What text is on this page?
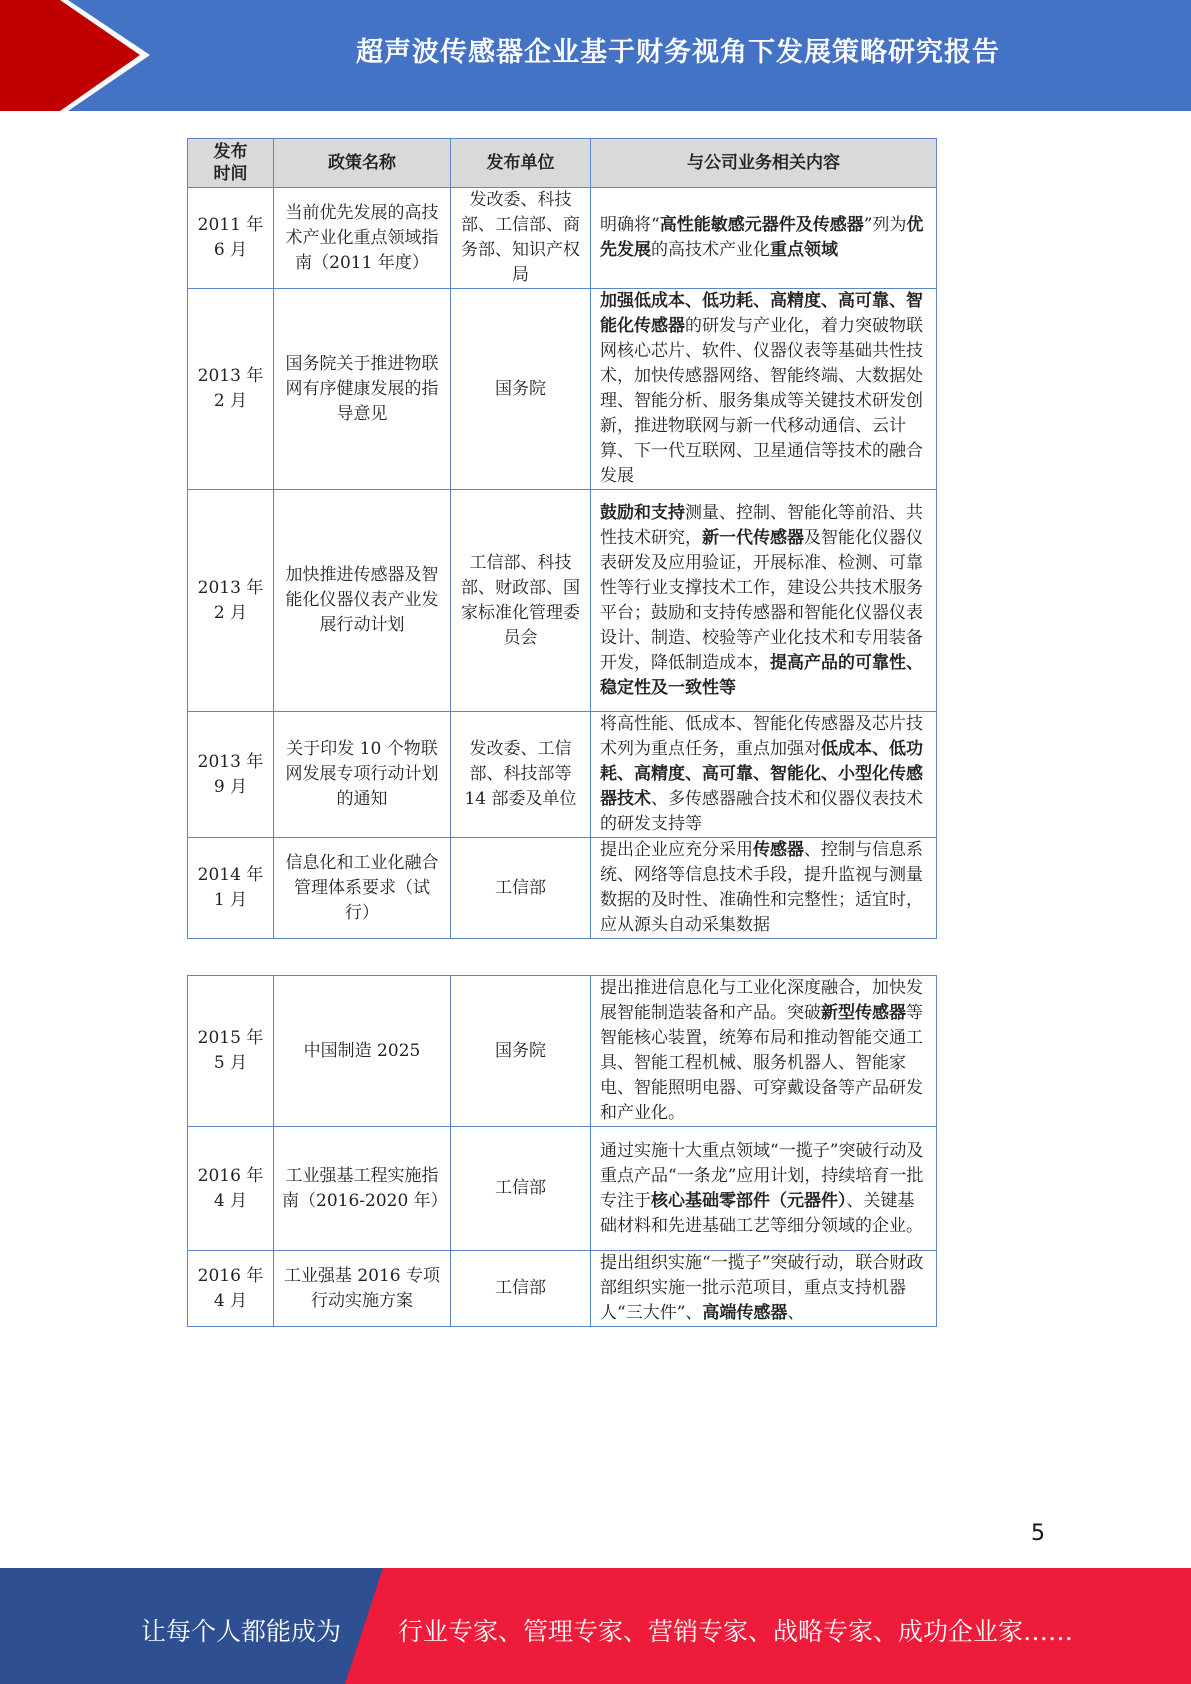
超声波传感器企业基于财务视角下发展策略研究报告
发布
时间	政策名称	发布单位	与公司业务相关内容
2011 年
6 月	当前优先发展的高技术产业化重点领域指南（2011 年度）	发改委、科技部、工信部、商务部、知识产权局	明确将“高性能敏感元器件及传感器”列为优先发展的高技术产业化重点领域
2013 年
2 月	国务院关于推进物联网有序健康发展的指导意见	国务院	加强低成本、低功耗、高精度、高可靠、智能化传感器的研发与产业化，着力突破物联网核心芯片、软件、仪器仪表等基础共性技术，加快传感器网络、智能终端、大数据处理、智能分析、服务集成等关键技术研发创新，推进物联网与新一代移动通信、云计算、下一代互联网、卫星通信等技术的融合发展
2013 年
2 月	加快推进传感器及智能化仪器仪表产业发展行动计划	工信部、科技部、财政部、国家标准化管理委员会	鼓励和支持测量、控制、智能化等前沿、共性技术研究，新一代传感器及智能化仪器仪表研发及应用验证，开展标准、检测、可靠性等行业支撑技术工作，建设公共技术服务平台；鼓励和支持传感器和智能化仪器仪表设计、制造、校验等产业化技术和专用装备开发，降低制造成本，提高产品的可靠性、稳定性及一致性等
2013 年
9 月	关于印发 10 个物联网发展专项行动计划的通知	发改委、工信部、科技部等 14 部委及单位	将高性能、低成本、智能化传感器及芯片技术列为重点任务，重点加强对低成本、低功耗、高精度、高可靠、智能化、小型化传感器技术、多传感器融合技术和仪器仪表技术的研发支持等
2014 年
1 月	信息化和工业化融合管理体系要求（试行）	工信部	提出企业应充分采用传感器、控制与信息系统、网络等信息技术手段，提升监视与测量数据的及时性、准确性和完整性；适宜时，应从源头自动采集数据
2015 年
5 月	中国制造 2025	国务院	提出推进信息化与工业化深度融合，加快发展智能制造装备和产品。突破新型传感器等智能核心装置，统筹布局和推动智能交通工具、智能工程机械、服务机器人、智能家电、智能照明电器、可穿戴设备等产品研发和产业化。
2016 年
4 月	工业强基工程实施指南（2016-2020 年）	工信部	通过实施十大重点领域“一揽子”突破行动及重点产品“一条龙”应用计划，持续培育一批专注于核心基础零部件（元器件）、关键基础材料和先进基础工艺等细分领域的企业。
2016 年
4 月	工业强基 2016 专项行动实施方案	工信部	提出组织实施“一揽子”突破行动，联合财政部组织实施一批示范项目，重点支持机器人“三大件”、高端传感器、
5
让每个人都能成为 行业专家、管理专家、营销专家、战略专家、成功企业家……
